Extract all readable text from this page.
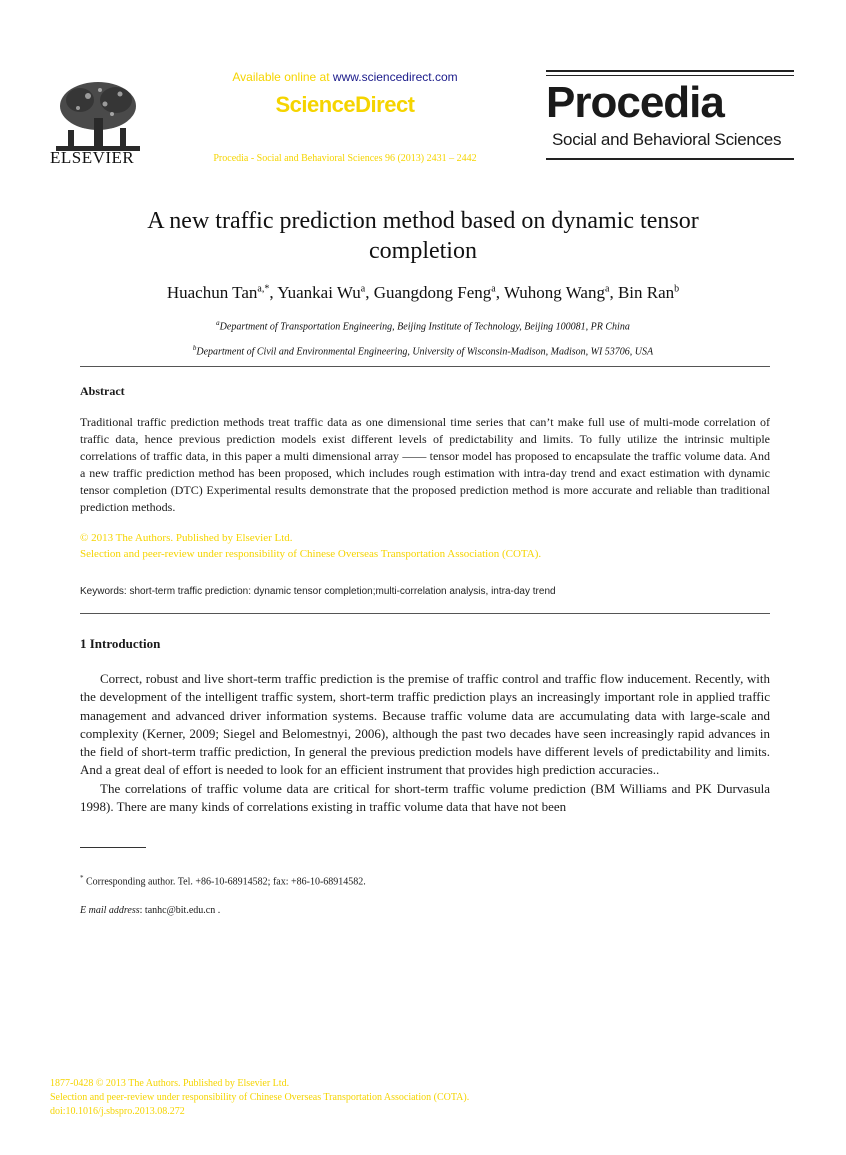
ELSEVIER
Available online at www.sciencedirect.com
ScienceDirect
Procedia - Social and Behavioral Sciences 96 (2013) 2431 – 2442
Procedia
Social and Behavioral Sciences
A new traffic prediction method based on dynamic tensor
completion
Huachun Tan$^{a,*}$, Yuankai Wu$^a$, Guangdong Feng$^a$, Wuhong Wang$^a$, Bin Ran$^b$
$^a$Department of Transportation Engineering, Beijing Institute of Technology, Beijing 100081, PR China
$^b$Department of Civil and Environmental Engineering, University of Wisconsin-Madison, Madison, WI 53706, USA
Abstract
Traditional traffic prediction methods treat traffic data as one dimensional time series that can’t make full use of multi-mode correlation of traffic data, hence previous prediction models exist different levels of predictability and limits. To fully utilize the intrinsic multiple correlations of traffic data, in this paper a multi dimensional array —— tensor model has proposed to encapsulate the traffic volume data. And a new traffic prediction method has been proposed, which includes rough estimation with intra-day trend and exact estimation with dynamic tensor completion (DTC) Experimental results demonstrate that the proposed prediction method is more accurate and reliable than traditional prediction methods.
© 2013 The Authors. Published by Elsevier Ltd.
Selection and peer-review under responsibility of Chinese Overseas Transportation Association (COTA).
Keywords: short-term traffic prediction: dynamic tensor completion;multi-correlation analysis, intra-day trend
1 Introduction

Correct, robust and live short-term traffic prediction is the premise of traffic control and traffic flow inducement. Recently, with the development of the intelligent traffic system, short-term traffic prediction plays an increasingly important role in applied traffic management and advanced driver information systems. Because traffic volume data are accumulating data with large-scale and complexity (Kerner, 2009; Siegel and Belomestnyi, 2006), although the past two decades have seen increasingly rapid advances in the field of short-term traffic prediction, In general the previous prediction models have different levels of predictability and limits. And a great deal of effort is needed to look for an efficient instrument that provides high prediction accuracies..

The correlations of traffic volume data are critical for short-term traffic volume prediction (BM Williams and PK Durvasula 1998). There are many kinds of correlations existing in traffic volume data that have not been

* Corresponding author. Tel. +86-10-68914582; fax: +86-10-68914582.
E mail address: tanhc@bit.edu.cn .
1877-0428 © 2013 The Authors. Published by Elsevier Ltd.
Selection and peer-review under responsibility of Chinese Overseas Transportation Association (COTA).
doi:10.1016/j.sbspro.2013.08.272
